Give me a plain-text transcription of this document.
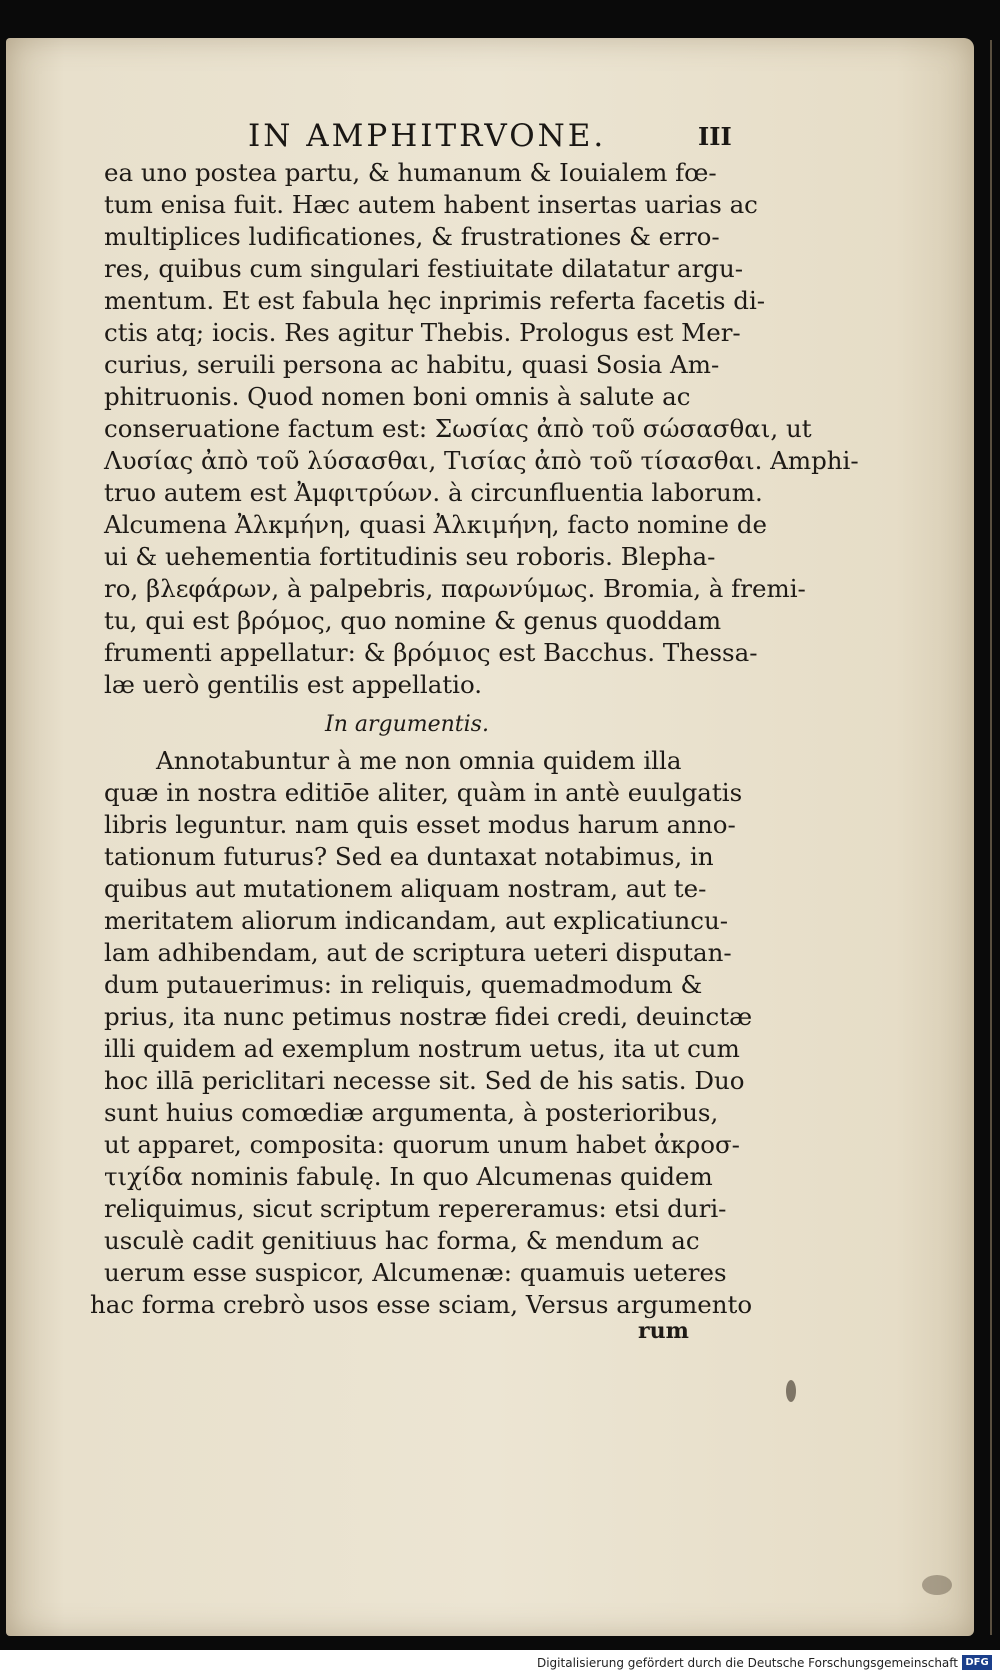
IN AMPHITRVONE.	III
ea uno postea partu, & humanum & Iouialem fœ-
tum enisa fuit. Hæc autem habent insertas uarias ac
multiplices ludificationes, & frustrationes & erro-
res, quibus cum singulari festiuitate dilatatur argu-
mentum. Et est fabula hęc inprimis referta facetis di-
ctis atq; iocis. Res agitur Thebis. Prologus est Mer-
curius, seruili persona ac habitu, quasi Sosia Am-
phitruonis. Quod nomen boni omnis à salute ac
conseruatione factum est: Σωσίας ἀπὸ τοῦ σώσασθαι, ut
Λυσίας ἀπὸ τοῦ λύσασθαι, Τισίας ἀπὸ τοῦ τίσασθαι. Amphi-
truo autem est Ἀμφιτρύων. à circunfluentia laborum.
Alcumena Ἀλκμήνη, quasi Ἀλκιμήνη, facto nomine de
ui & uehementia fortitudinis seu roboris. Blepha-
ro, βλεφάρων, à palpebris, παρωνύμως. Bromia, à fremi-
tu, qui est βρόμος, quo nomine & genus quoddam
frumenti appellatur: & βρόμιος est Bacchus. Thessa-
læ uerò gentilis est appellatio.
In argumentis.
Annotabuntur à me non omnia quidem illa
quæ in nostra editiōe aliter, quàm in antè euulgatis
libris leguntur. nam quis esset modus harum anno-
tationum futurus? Sed ea duntaxat notabimus, in
quibus aut mutationem aliquam nostram, aut te-
meritatem aliorum indicandam, aut explicatiuncu-
lam adhibendam, aut de scriptura ueteri disputan-
dum putauerimus: in reliquis, quemadmodum &
prius, ita nunc petimus nostræ fidei credi, deuinctæ
illi quidem ad exemplum nostrum uetus, ita ut cum
hoc illā periclitari necesse sit. Sed de his satis. Duo
sunt huius comœdiæ argumenta, à posterioribus,
ut apparet, composita: quorum unum habet ἀκροσ-
τιχίδα nominis fabulę. In quo Alcumenas quidem
reliquimus, sicut scriptum repereramus: etsi duri-
usculè cadit genitiuus hac forma, & mendum ac
uerum esse suspicor, Alcumenæ: quamuis ueteres
hac forma crebrò usos esse sciam, Versus argumento
rum
Digitalisierung gefördert durch die Deutsche Forschungsgemeinschaft DFG
